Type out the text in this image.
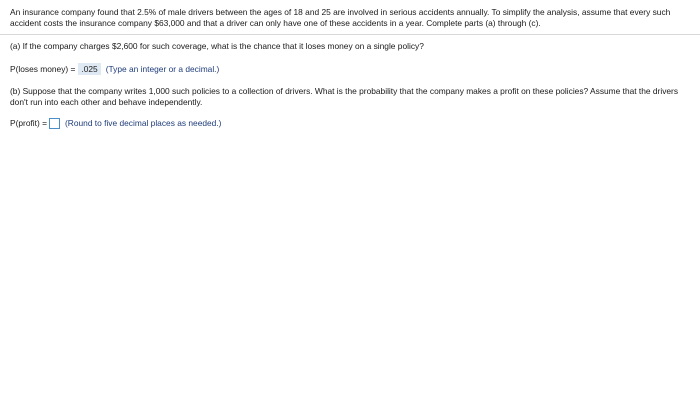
An insurance company found that 2.5% of male drivers between the ages of 18 and 25 are involved in serious accidents annually. To simplify the analysis, assume that every such accident costs the insurance company $63,000 and that a driver can only have one of these accidents in a year. Complete parts (a) through (c).
(a) If the company charges $2,600 for such coverage, what is the chance that it loses money on a single policy?
P(loses money) = .025 (Type an integer or a decimal.)
(b) Suppose that the company writes 1,000 such policies to a collection of drivers. What is the probability that the company makes a profit on these policies? Assume that the drivers don't run into each other and behave independently.
P(profit) = (Round to five decimal places as needed.)
